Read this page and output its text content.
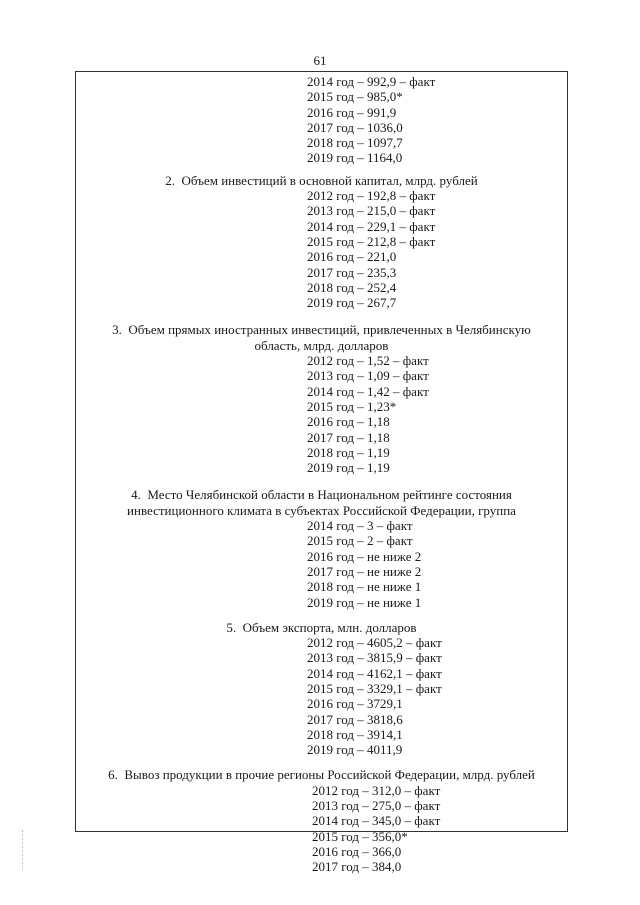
61
2014 год – 992,9 – факт
2015 год – 985,0*
2016 год – 991,9
2017 год – 1036,0
2018 год – 1097,7
2019 год – 1164,0
2.  Объем инвестиций в основной капитал, млрд. рублей
2012 год – 192,8 – факт
2013 год – 215,0 – факт
2014 год – 229,1 – факт
2015 год – 212,8 – факт
2016 год – 221,0
2017 год – 235,3
2018 год – 252,4
2019 год – 267,7
3.  Объем прямых иностранных инвестиций, привлеченных в Челябинскую
область, млрд. долларов
2012 год – 1,52 – факт
2013 год – 1,09 – факт
2014 год – 1,42 – факт
2015 год – 1,23*
2016 год – 1,18
2017 год – 1,18
2018 год – 1,19
2019 год – 1,19
4.  Место Челябинской области в Национальном рейтинге состояния
инвестиционного климата в субъектах Российской Федерации, группа
2014 год – 3 – факт
2015 год – 2 – факт
2016 год – не ниже 2
2017 год – не ниже 2
2018 год – не ниже 1
2019 год – не ниже 1
5.  Объем экспорта, млн. долларов
2012 год – 4605,2 – факт
2013 год – 3815,9 – факт
2014 год – 4162,1 – факт
2015 год – 3329,1 – факт
2016 год – 3729,1
2017 год – 3818,6
2018 год – 3914,1
2019 год – 4011,9
6.  Вывоз продукции в прочие регионы Российской Федерации, млрд. рублей
2012 год – 312,0 – факт
2013 год – 275,0 – факт
2014 год – 345,0 – факт
2015 год – 356,0*
2016 год – 366,0
2017 год – 384,0
